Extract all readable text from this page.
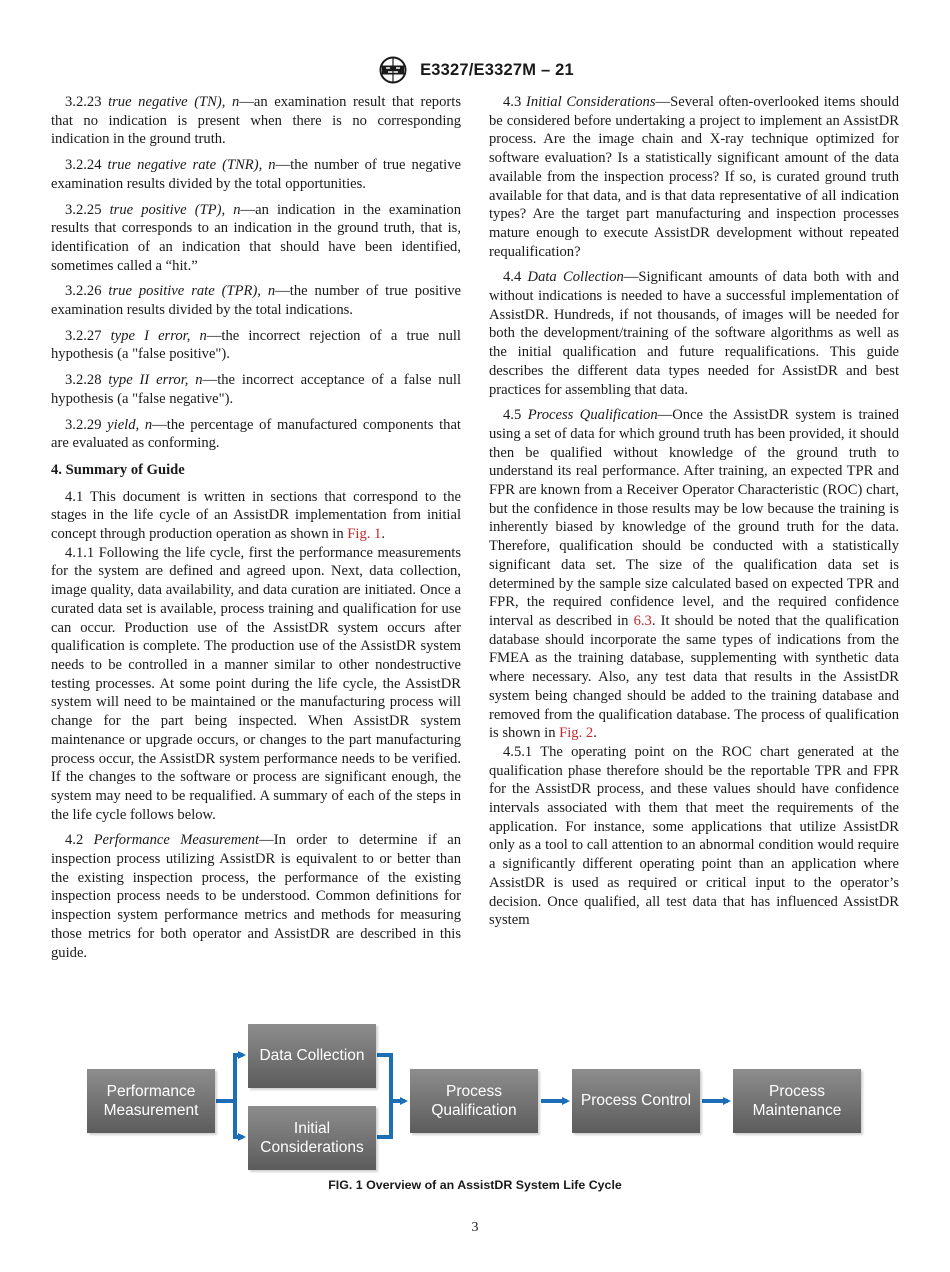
E3327/E3327M – 21

3.2.23 true negative (TN), n—an examination result that reports that no indication is present when there is no corresponding indication in the ground truth.

3.2.24 true negative rate (TNR), n—the number of true negative examination results divided by the total opportunities.

3.2.25 true positive (TP), n—an indication in the examination results that corresponds to an indication in the ground truth, that is, identification of an indication that should have been identified, sometimes called a “hit.”

3.2.26 true positive rate (TPR), n—the number of true positive examination results divided by the total indications.

3.2.27 type I error, n—the incorrect rejection of a true null hypothesis (a "false positive").

3.2.28 type II error, n—the incorrect acceptance of a false null hypothesis (a "false negative").

3.2.29 yield, n—the percentage of manufactured components that are evaluated as conforming.

4. Summary of Guide

4.1 This document is written in sections that correspond to the stages in the life cycle of an AssistDR implementation from initial concept through production operation as shown in Fig. 1.

4.1.1 Following the life cycle, first the performance measurements for the system are defined and agreed upon. Next, data collection, image quality, data availability, and data curation are initiated. Once a curated data set is available, process training and qualification for use can occur. Production use of the AssistDR system occurs after qualification is complete. The production use of the AssistDR system needs to be controlled in a manner similar to other nondestructive testing processes. At some point during the life cycle, the AssistDR system will need to be maintained or the manufacturing process will change for the part being inspected. When AssistDR system maintenance or upgrade occurs, or changes to the part manufacturing process occur, the AssistDR system performance needs to be verified. If the changes to the software or process are significant enough, the system may need to be requalified. A summary of each of the steps in the life cycle follows below.

4.2 Performance Measurement—In order to determine if an inspection process utilizing AssistDR is equivalent to or better than the existing inspection process, the performance of the existing inspection process needs to be understood. Common definitions for inspection system performance metrics and methods for measuring those metrics for both operator and AssistDR are described in this guide.

4.3 Initial Considerations—Several often-overlooked items should be considered before undertaking a project to implement an AssistDR process. Are the image chain and X-ray technique optimized for software evaluation? Is a statistically significant amount of the data available from the inspection process? If so, is curated ground truth available for that data, and is that data representative of all indication types? Are the target part manufacturing and inspection processes mature enough to execute AssistDR development without repeated requalification?

4.4 Data Collection—Significant amounts of data both with and without indications is needed to have a successful implementation of AssistDR. Hundreds, if not thousands, of images will be needed for both the development/training of the software algorithms as well as the initial qualification and future requalifications. This guide describes the different data types needed for AssistDR and best practices for assembling that data.

4.5 Process Qualification—Once the AssistDR system is trained using a set of data for which ground truth has been provided, it should then be qualified without knowledge of the ground truth to understand its real performance. After training, an expected TPR and FPR are known from a Receiver Operator Characteristic (ROC) chart, but the confidence in those results may be low because the training is inherently biased by knowledge of the ground truth for the data. Therefore, qualification should be conducted with a statistically significant data set. The size of the qualification data set is determined by the sample size calculated based on expected TPR and FPR, the required confidence level, and the required confidence interval as described in 6.3. It should be noted that the qualification database should incorporate the same types of indications from the FMEA as the training database, supplementing with synthetic data where necessary. Also, any test data that results in the AssistDR system being changed should be added to the training database and removed from the qualification database. The process of qualification is shown in Fig. 2.

4.5.1 The operating point on the ROC chart generated at the qualification phase therefore should be the reportable TPR and FPR for the AssistDR process, and these values should have confidence intervals associated with them that meet the requirements of the application. For instance, some applications that utilize AssistDR only as a tool to call attention to an abnormal condition would require a significantly different operating point than an application where AssistDR is used as required or critical input to the operator’s decision. Once qualified, all test data that has influenced AssistDR system

Performance Measurement
Data Collection
Initial Considerations
Process Qualification
Process Control
Process Maintenance
FIG. 1 Overview of an AssistDR System Life Cycle
3
